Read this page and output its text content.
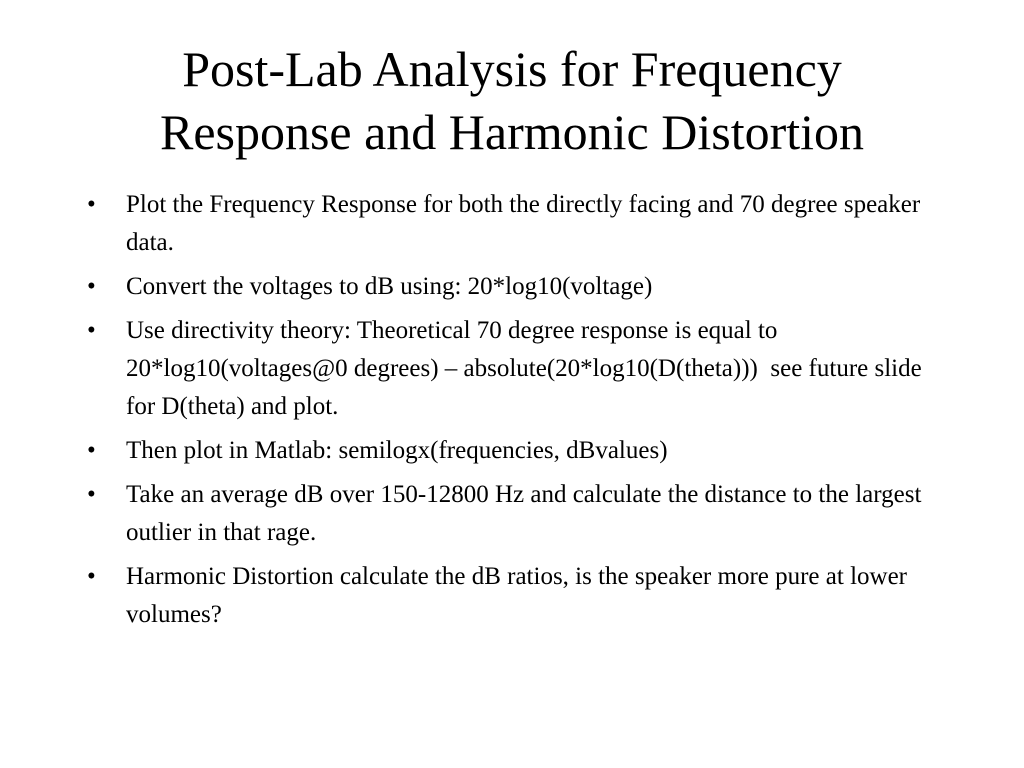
Post-Lab Analysis for Frequency
Response and Harmonic Distortion
•	Plot the Frequency Response for both the directly facing and 70 degree speaker data.
•	Convert the voltages to dB using: 20*log10(voltage)
•	Use directivity theory: Theoretical 70 degree response is equal to 20*log10(voltages@0 degrees) – absolute(20*log10(D(theta)))  see future slide for D(theta) and plot.
•	Then plot in Matlab: semilogx(frequencies, dBvalues)
•	Take an average dB over 150-12800 Hz and calculate the distance to the largest outlier in that rage.
•	Harmonic Distortion calculate the dB ratios, is the speaker more pure at lower volumes?
